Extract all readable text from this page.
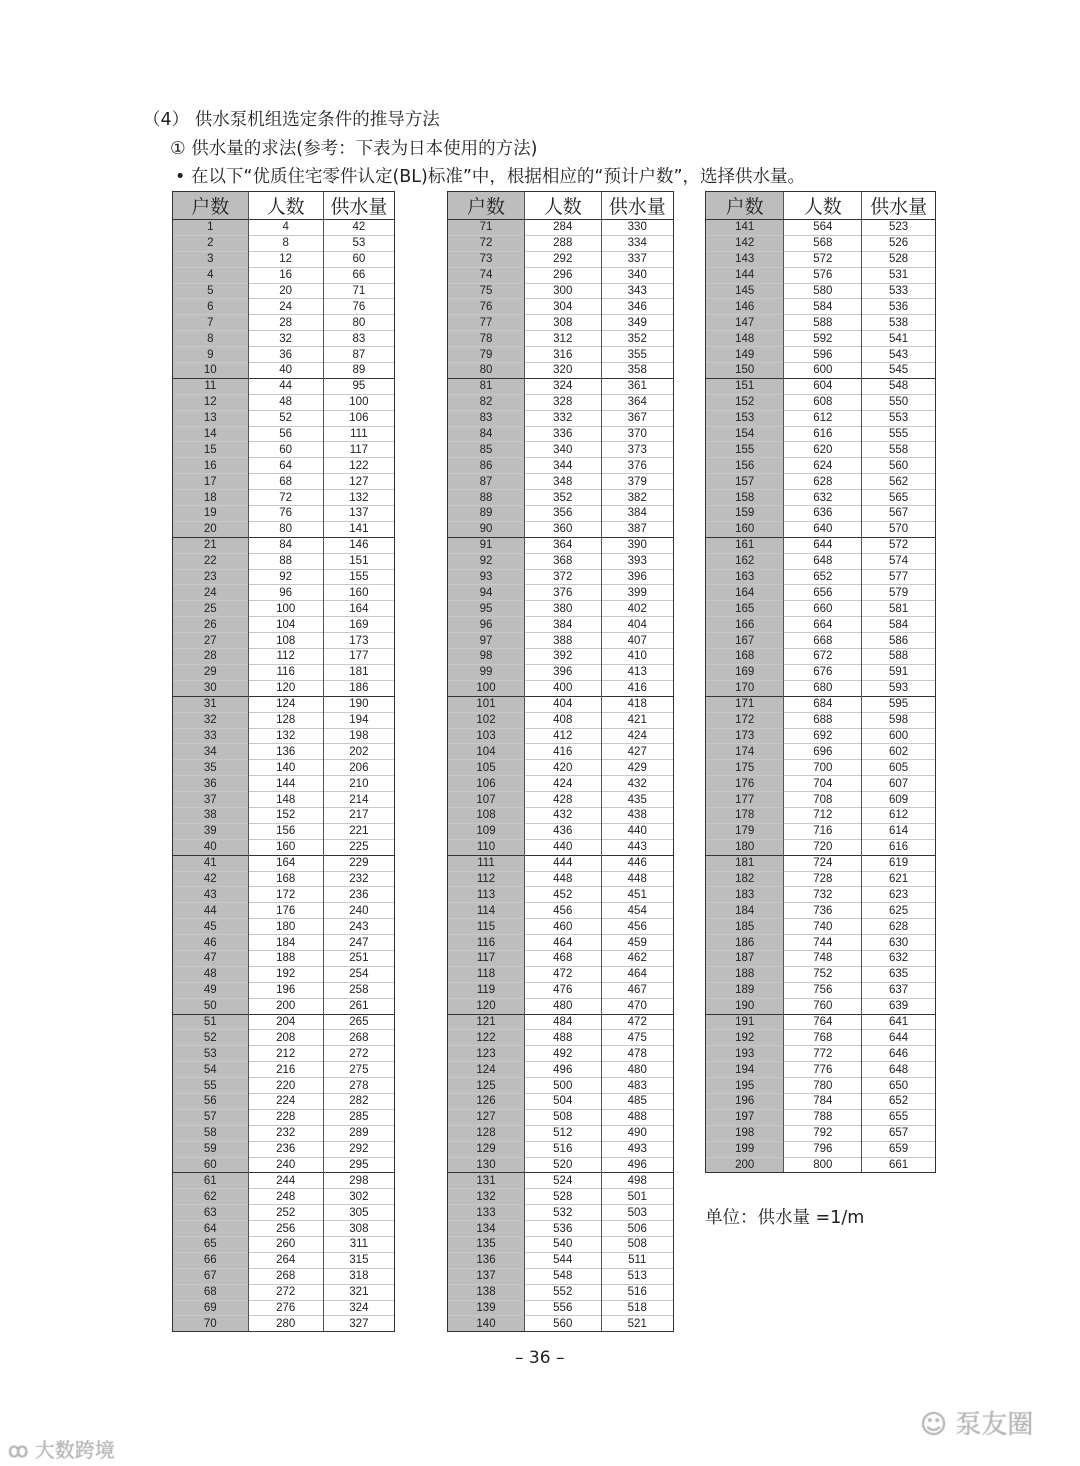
（4） 供水泵机组选定条件的推导方法
① 供水量的求法(参考：下表为日本使用的方法)
• 在以下“优质住宅零件认定(BL)标准”中，根据相应的“预计户数”，选择供水量。
户数	人数	供水量
1	4	42
2	8	53
3	12	60
4	16	66
5	20	71
6	24	76
7	28	80
8	32	83
9	36	87
10	40	89
11	44	95
12	48	100
13	52	106
14	56	111
15	60	117
16	64	122
17	68	127
18	72	132
19	76	137
20	80	141
21	84	146
22	88	151
23	92	155
24	96	160
25	100	164
26	104	169
27	108	173
28	112	177
29	116	181
30	120	186
31	124	190
32	128	194
33	132	198
34	136	202
35	140	206
36	144	210
37	148	214
38	152	217
39	156	221
40	160	225
41	164	229
42	168	232
43	172	236
44	176	240
45	180	243
46	184	247
47	188	251
48	192	254
49	196	258
50	200	261
51	204	265
52	208	268
53	212	272
54	216	275
55	220	278
56	224	282
57	228	285
58	232	289
59	236	292
60	240	295
61	244	298
62	248	302
63	252	305
64	256	308
65	260	311
66	264	315
67	268	318
68	272	321
69	276	324
70	280	327
户数	人数	供水量
71	284	330
72	288	334
73	292	337
74	296	340
75	300	343
76	304	346
77	308	349
78	312	352
79	316	355
80	320	358
81	324	361
82	328	364
83	332	367
84	336	370
85	340	373
86	344	376
87	348	379
88	352	382
89	356	384
90	360	387
91	364	390
92	368	393
93	372	396
94	376	399
95	380	402
96	384	404
97	388	407
98	392	410
99	396	413
100	400	416
101	404	418
102	408	421
103	412	424
104	416	427
105	420	429
106	424	432
107	428	435
108	432	438
109	436	440
110	440	443
111	444	446
112	448	448
113	452	451
114	456	454
115	460	456
116	464	459
117	468	462
118	472	464
119	476	467
120	480	470
121	484	472
122	488	475
123	492	478
124	496	480
125	500	483
126	504	485
127	508	488
128	512	490
129	516	493
130	520	496
131	524	498
132	528	501
133	532	503
134	536	506
135	540	508
136	544	511
137	548	513
138	552	516
139	556	518
140	560	521
户数	人数	供水量
141	564	523
142	568	526
143	572	528
144	576	531
145	580	533
146	584	536
147	588	538
148	592	541
149	596	543
150	600	545
151	604	548
152	608	550
153	612	553
154	616	555
155	620	558
156	624	560
157	628	562
158	632	565
159	636	567
160	640	570
161	644	572
162	648	574
163	652	577
164	656	579
165	660	581
166	664	584
167	668	586
168	672	588
169	676	591
170	680	593
171	684	595
172	688	598
173	692	600
174	696	602
175	700	605
176	704	607
177	708	609
178	712	612
179	716	614
180	720	616
181	724	619
182	728	621
183	732	623
184	736	625
185	740	628
186	744	630
187	748	632
188	752	635
189	756	637
190	760	639
191	764	641
192	768	644
193	772	646
194	776	648
195	780	650
196	784	652
197	788	655
198	792	657
199	796	659
200	800	661
单位：供水量 =1/m
– 36 –
ꝏ 大数跨境
☺ 泵友圈
